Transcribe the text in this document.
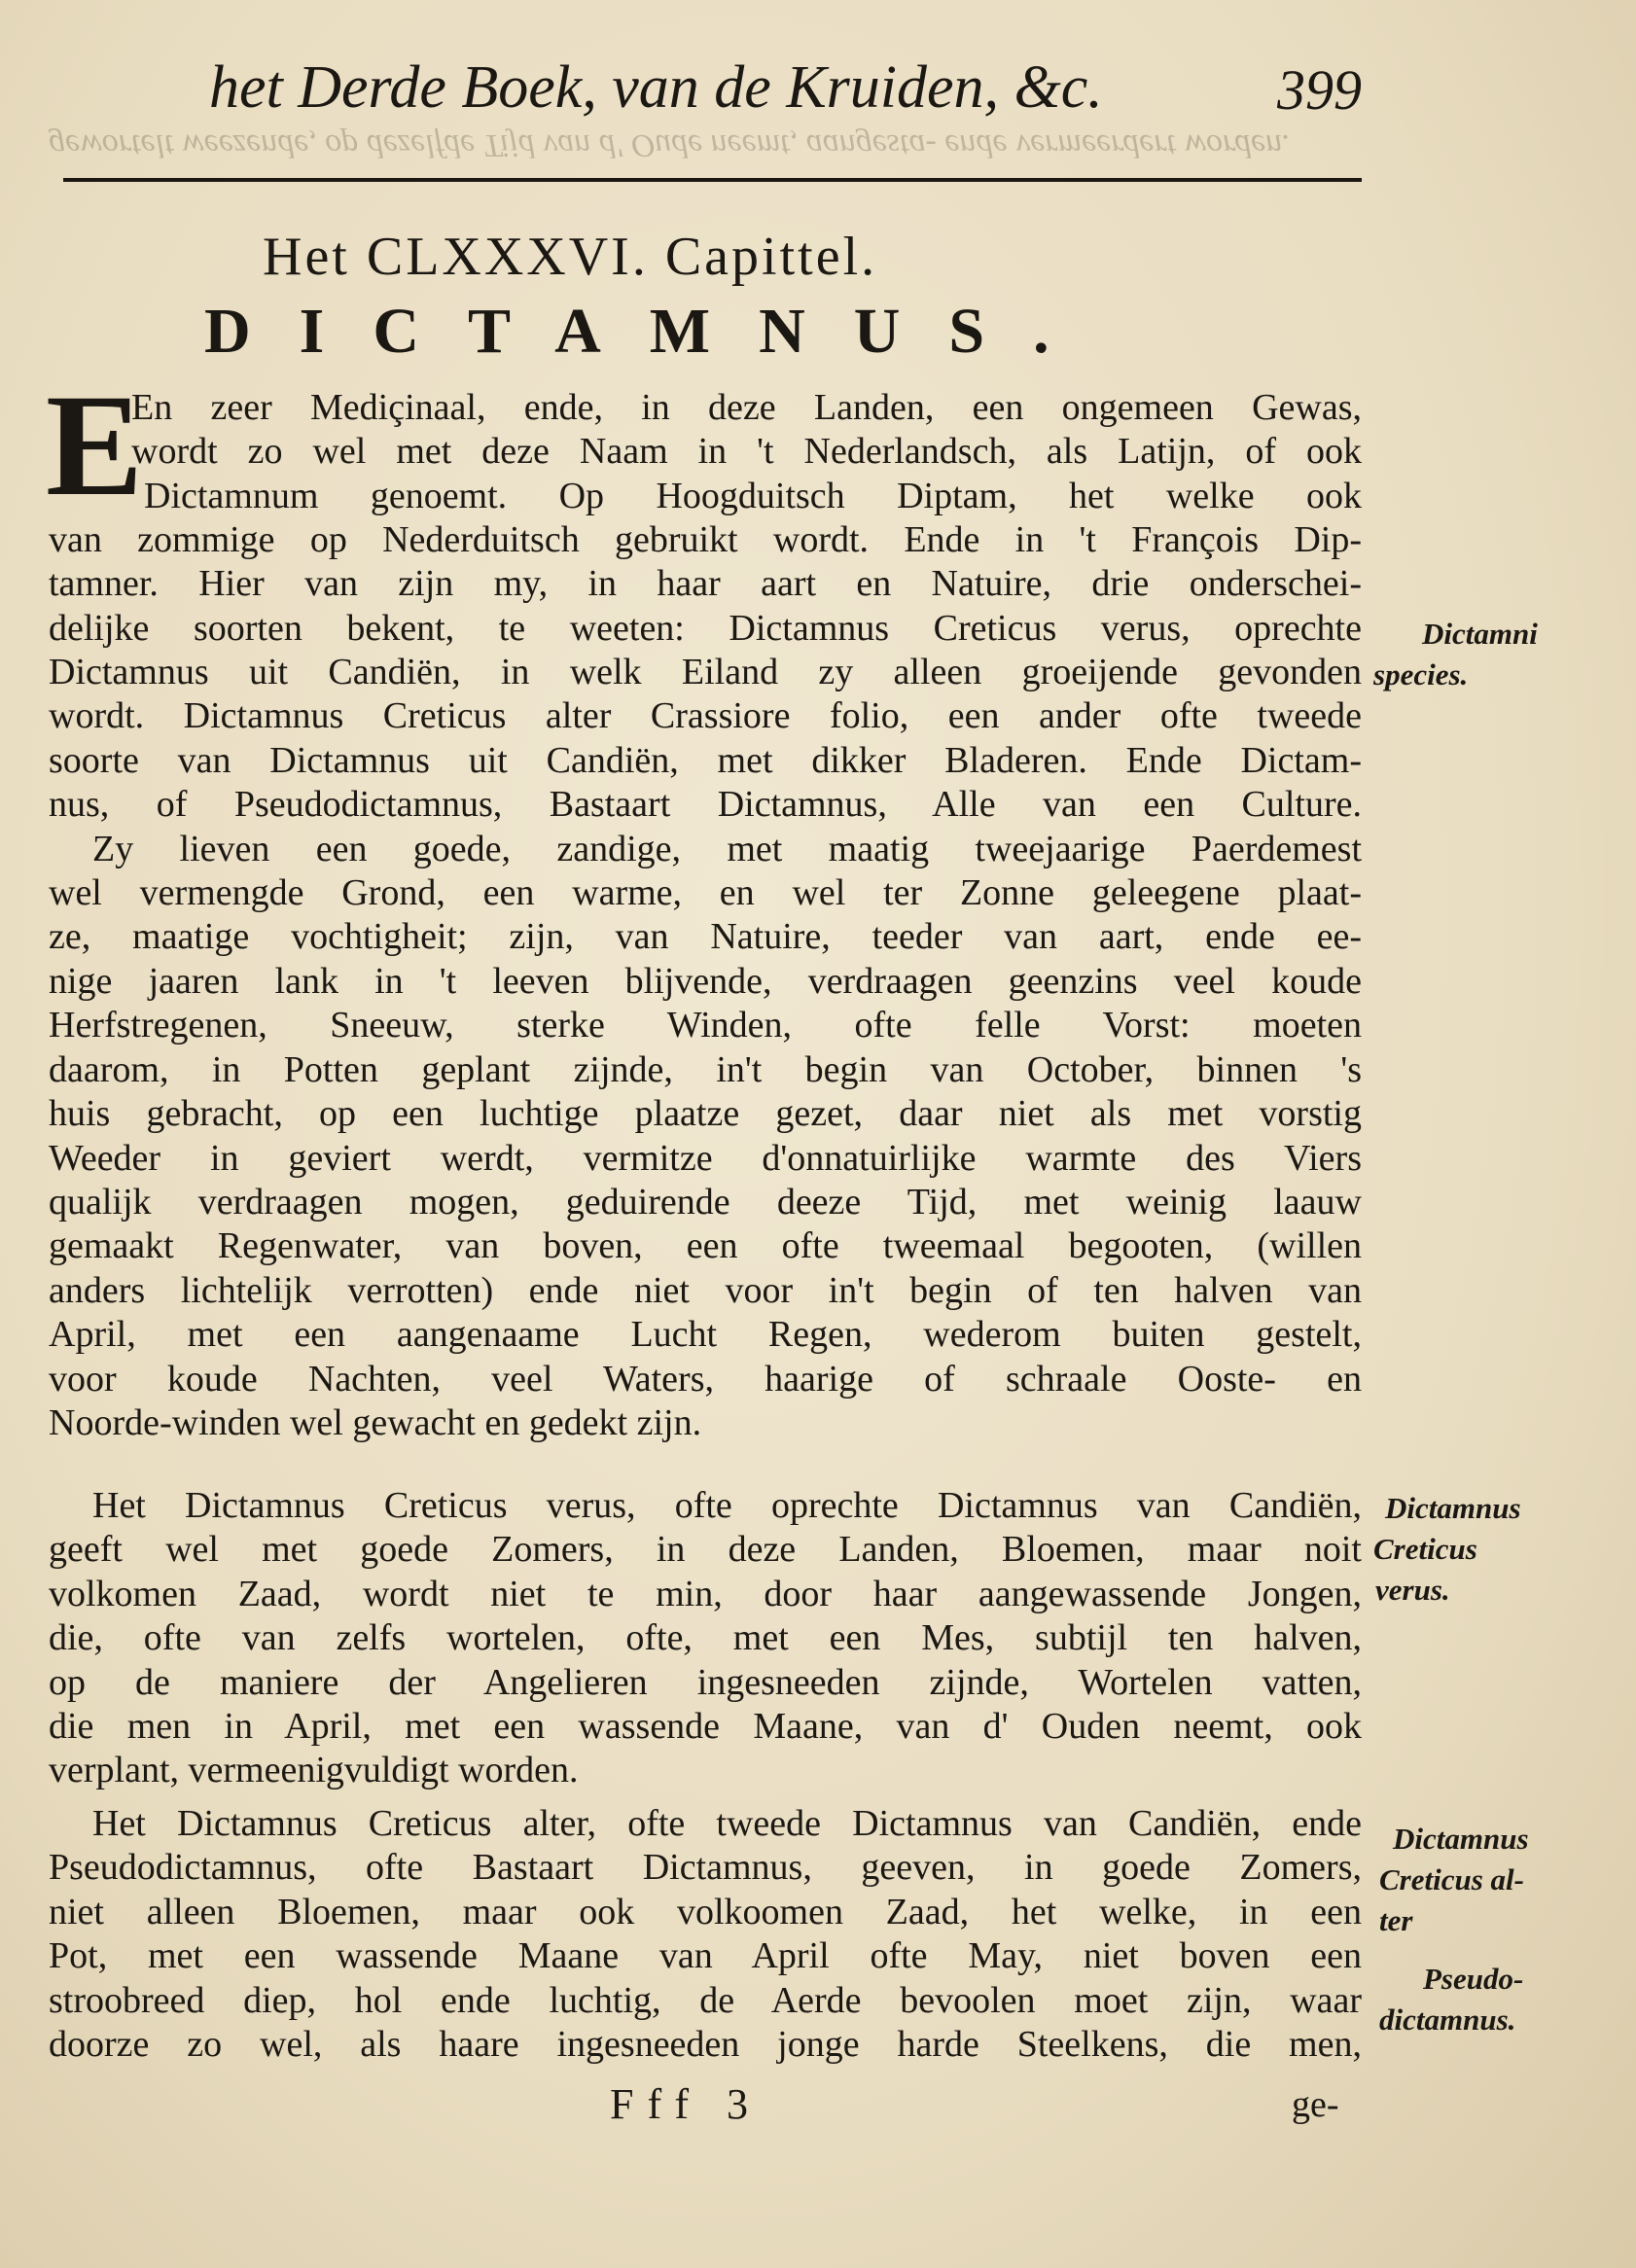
gewortelt weezende, op dezelfde Tijd van d' Oude neemt, aangesta- ende vermeerdert worden.
het Derde Boek, van de Kruiden, &c.	399
Het CLXXXVI. Capittel.
DICTAMNUS.
E
En zeer Mediçinaal, ende, in deze Landen, een ongemeen Gewas,
wordt zo wel met deze Naam in 't Nederlandsch, als Latijn, of ook
Dictamnum genoemt. Op Hoogduitsch Diptam, het welke ook
van zommige op Nederduitsch gebruikt wordt. Ende in 't François Dip-
tamner. Hier van zijn my, in haar aart en Natuire, drie onderschei-
delijke soorten bekent, te weeten: Dictamnus Creticus verus, oprechte
Dictamnus uit Candiën, in welk Eiland zy alleen groeijende gevonden
wordt. Dictamnus Creticus alter Crassiore folio, een ander ofte tweede
soorte van Dictamnus uit Candiën, met dikker Bladeren. Ende Dictam-
nus, of Pseudodictamnus, Bastaart Dictamnus, Alle van een Culture.
Zy lieven een goede, zandige, met maatig tweejaarige Paerdemest
wel vermengde Grond, een warme, en wel ter Zonne geleegene plaat-
ze, maatige vochtigheit; zijn, van Natuire, teeder van aart, ende ee-
nige jaaren lank in 't leeven blijvende, verdraagen geenzins veel koude
Herfstregenen, Sneeuw, sterke Winden, ofte felle Vorst: moeten
daarom, in Potten geplant zijnde, in't begin van October, binnen 's
huis gebracht, op een luchtige plaatze gezet, daar niet als met vorstig
Weeder in geviert werdt, vermitze d'onnatuirlijke warmte des Viers
qualijk verdraagen mogen, geduirende deeze Tijd, met weinig laauw
gemaakt Regenwater, van boven, een ofte tweemaal begooten, (willen
anders lichtelijk verrotten) ende niet voor in't begin of ten halven van
April, met een aangenaame Lucht Regen, wederom buiten gestelt,
voor koude Nachten, veel Waters, haarige of schraale Ooste- en
Noorde-winden wel gewacht en gedekt zijn.
Het Dictamnus Creticus verus, ofte oprechte Dictamnus van Candiën,
geeft wel met goede Zomers, in deze Landen, Bloemen, maar noit
volkomen Zaad, wordt niet te min, door haar aangewassende Jongen,
die, ofte van zelfs wortelen, ofte, met een Mes, subtijl ten halven,
op de maniere der Angelieren ingesneeden zijnde, Wortelen vatten,
die men in April, met een wassende Maane, van d' Ouden neemt, ook
verplant, vermeenigvuldigt worden.
Het Dictamnus Creticus alter, ofte tweede Dictamnus van Candiën, ende
Pseudodictamnus, ofte Bastaart Dictamnus, geeven, in goede Zomers,
niet alleen Bloemen, maar ook volkoomen Zaad, het welke, in een
Pot, met een wassende Maane van April ofte May, niet boven een
stroobreed diep, hol ende luchtig, de Aerde bevoolen moet zijn, waar
doorze zo wel, als haare ingesneeden jonge harde Steelkens, die men,
Dictamni
species.
Dictamnus
Creticus
verus.
Dictamnus
Creticus al-
ter
Pseudo-
dictamnus.
Fff 3	ge-
